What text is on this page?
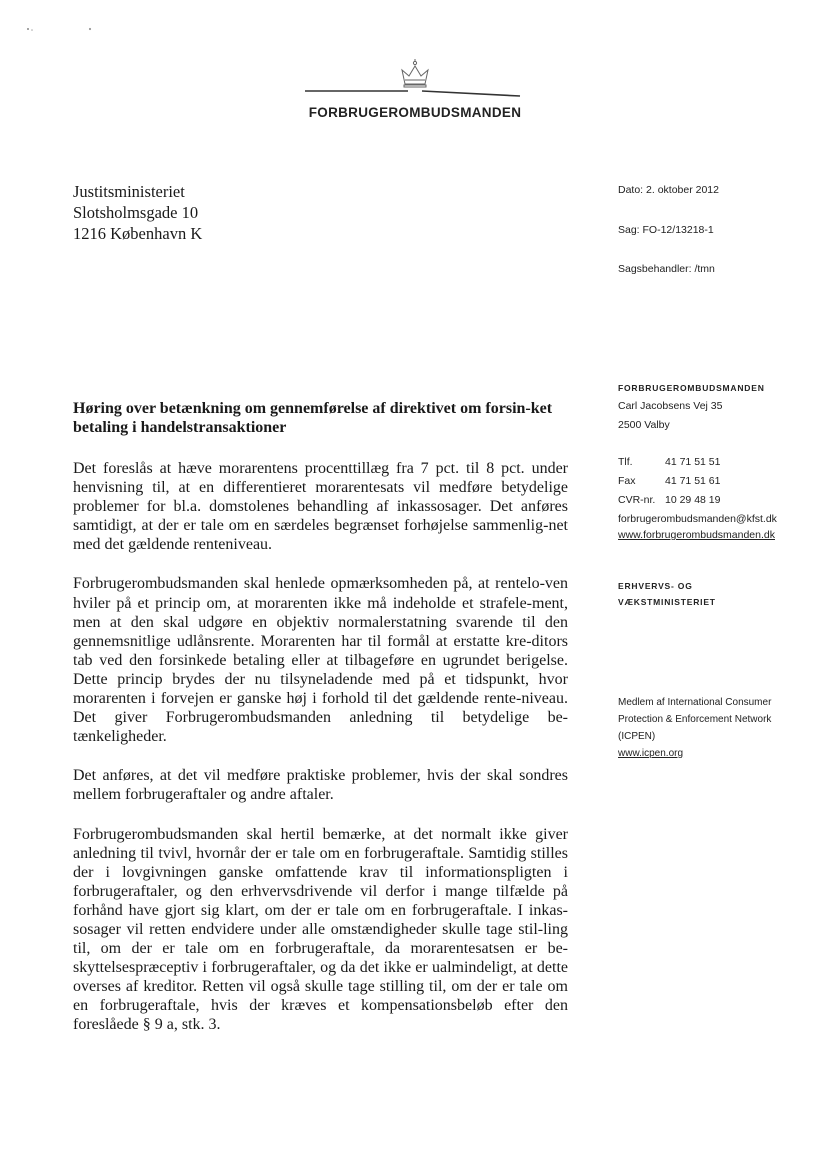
FORBRUGEROMBUDSMANDEN
Justitsministeriet
Slotsholmsgade 10
1216 København K
Dato: 2. oktober 2012
Sag: FO-12/13218-1
Sagsbehandler: /tmn
Høring over betænkning om gennemførelse af direktivet om forsin-ket betaling i handelstransaktioner

Det foreslås at hæve morarentens procenttillæg fra 7 pct. til 8 pct. under henvisning til, at en differentieret morarentesats vil medføre betydelige problemer for bl.a. domstolenes behandling af inkassosager. Det anføres samtidigt, at der er tale om en særdeles begrænset forhøjelse sammenlig-net med det gældende renteniveau.

Forbrugerombudsmanden skal henlede opmærksomheden på, at rentelo-ven hviler på et princip om, at morarenten ikke må indeholde et strafele-ment, men at den skal udgøre en objektiv normalerstatning svarende til den gennemsnitlige udlånsrente. Morarenten har til formål at erstatte kre-ditors tab ved den forsinkede betaling eller at tilbageføre en ugrundet berigelse. Dette princip brydes der nu tilsyneladende med på et tidspunkt, hvor morarenten i forvejen er ganske høj i forhold til det gældende rente-niveau. Det giver Forbrugerombudsmanden anledning til betydelige be-tænkeligheder.

Det anføres, at det vil medføre praktiske problemer, hvis der skal sondres mellem forbrugeraftaler og andre aftaler.

Forbrugerombudsmanden skal hertil bemærke, at det normalt ikke giver anledning til tvivl, hvornår der er tale om en forbrugeraftale. Samtidig stilles der i lovgivningen ganske omfattende krav til informationspligten i forbrugeraftaler, og den erhvervsdrivende vil derfor i mange tilfælde på forhånd have gjort sig klart, om der er tale om en forbrugeraftale. I inkas-sosager vil retten endvidere under alle omstændigheder skulle tage stil-ling til, om der er tale om en forbrugeraftale, da morarentesatsen er be-skyttelsespræceptiv i forbrugeraftaler, og da det ikke er ualmindeligt, at dette overses af kreditor. Retten vil også skulle tage stilling til, om der er tale om en forbrugeraftale, hvis der kræves et kompensationsbeløb efter den foreslåede § 9 a, stk. 3.

FORBRUGEROMBUDSMANDEN
Carl Jacobsens Vej 35
2500 Valby
Tlf.	41 71 51 51
Fax	41 71 51 61
CVR-nr. 10 29 48 19
forbrugerombudsmanden@kfst.dk
www.forbrugerombudsmanden.dk
ERHVERVS- OG
VÆKSTMINISTERIET
Medlem af International Consumer
Protection & Enforcement Network
(ICPEN)
www.icpen.org
